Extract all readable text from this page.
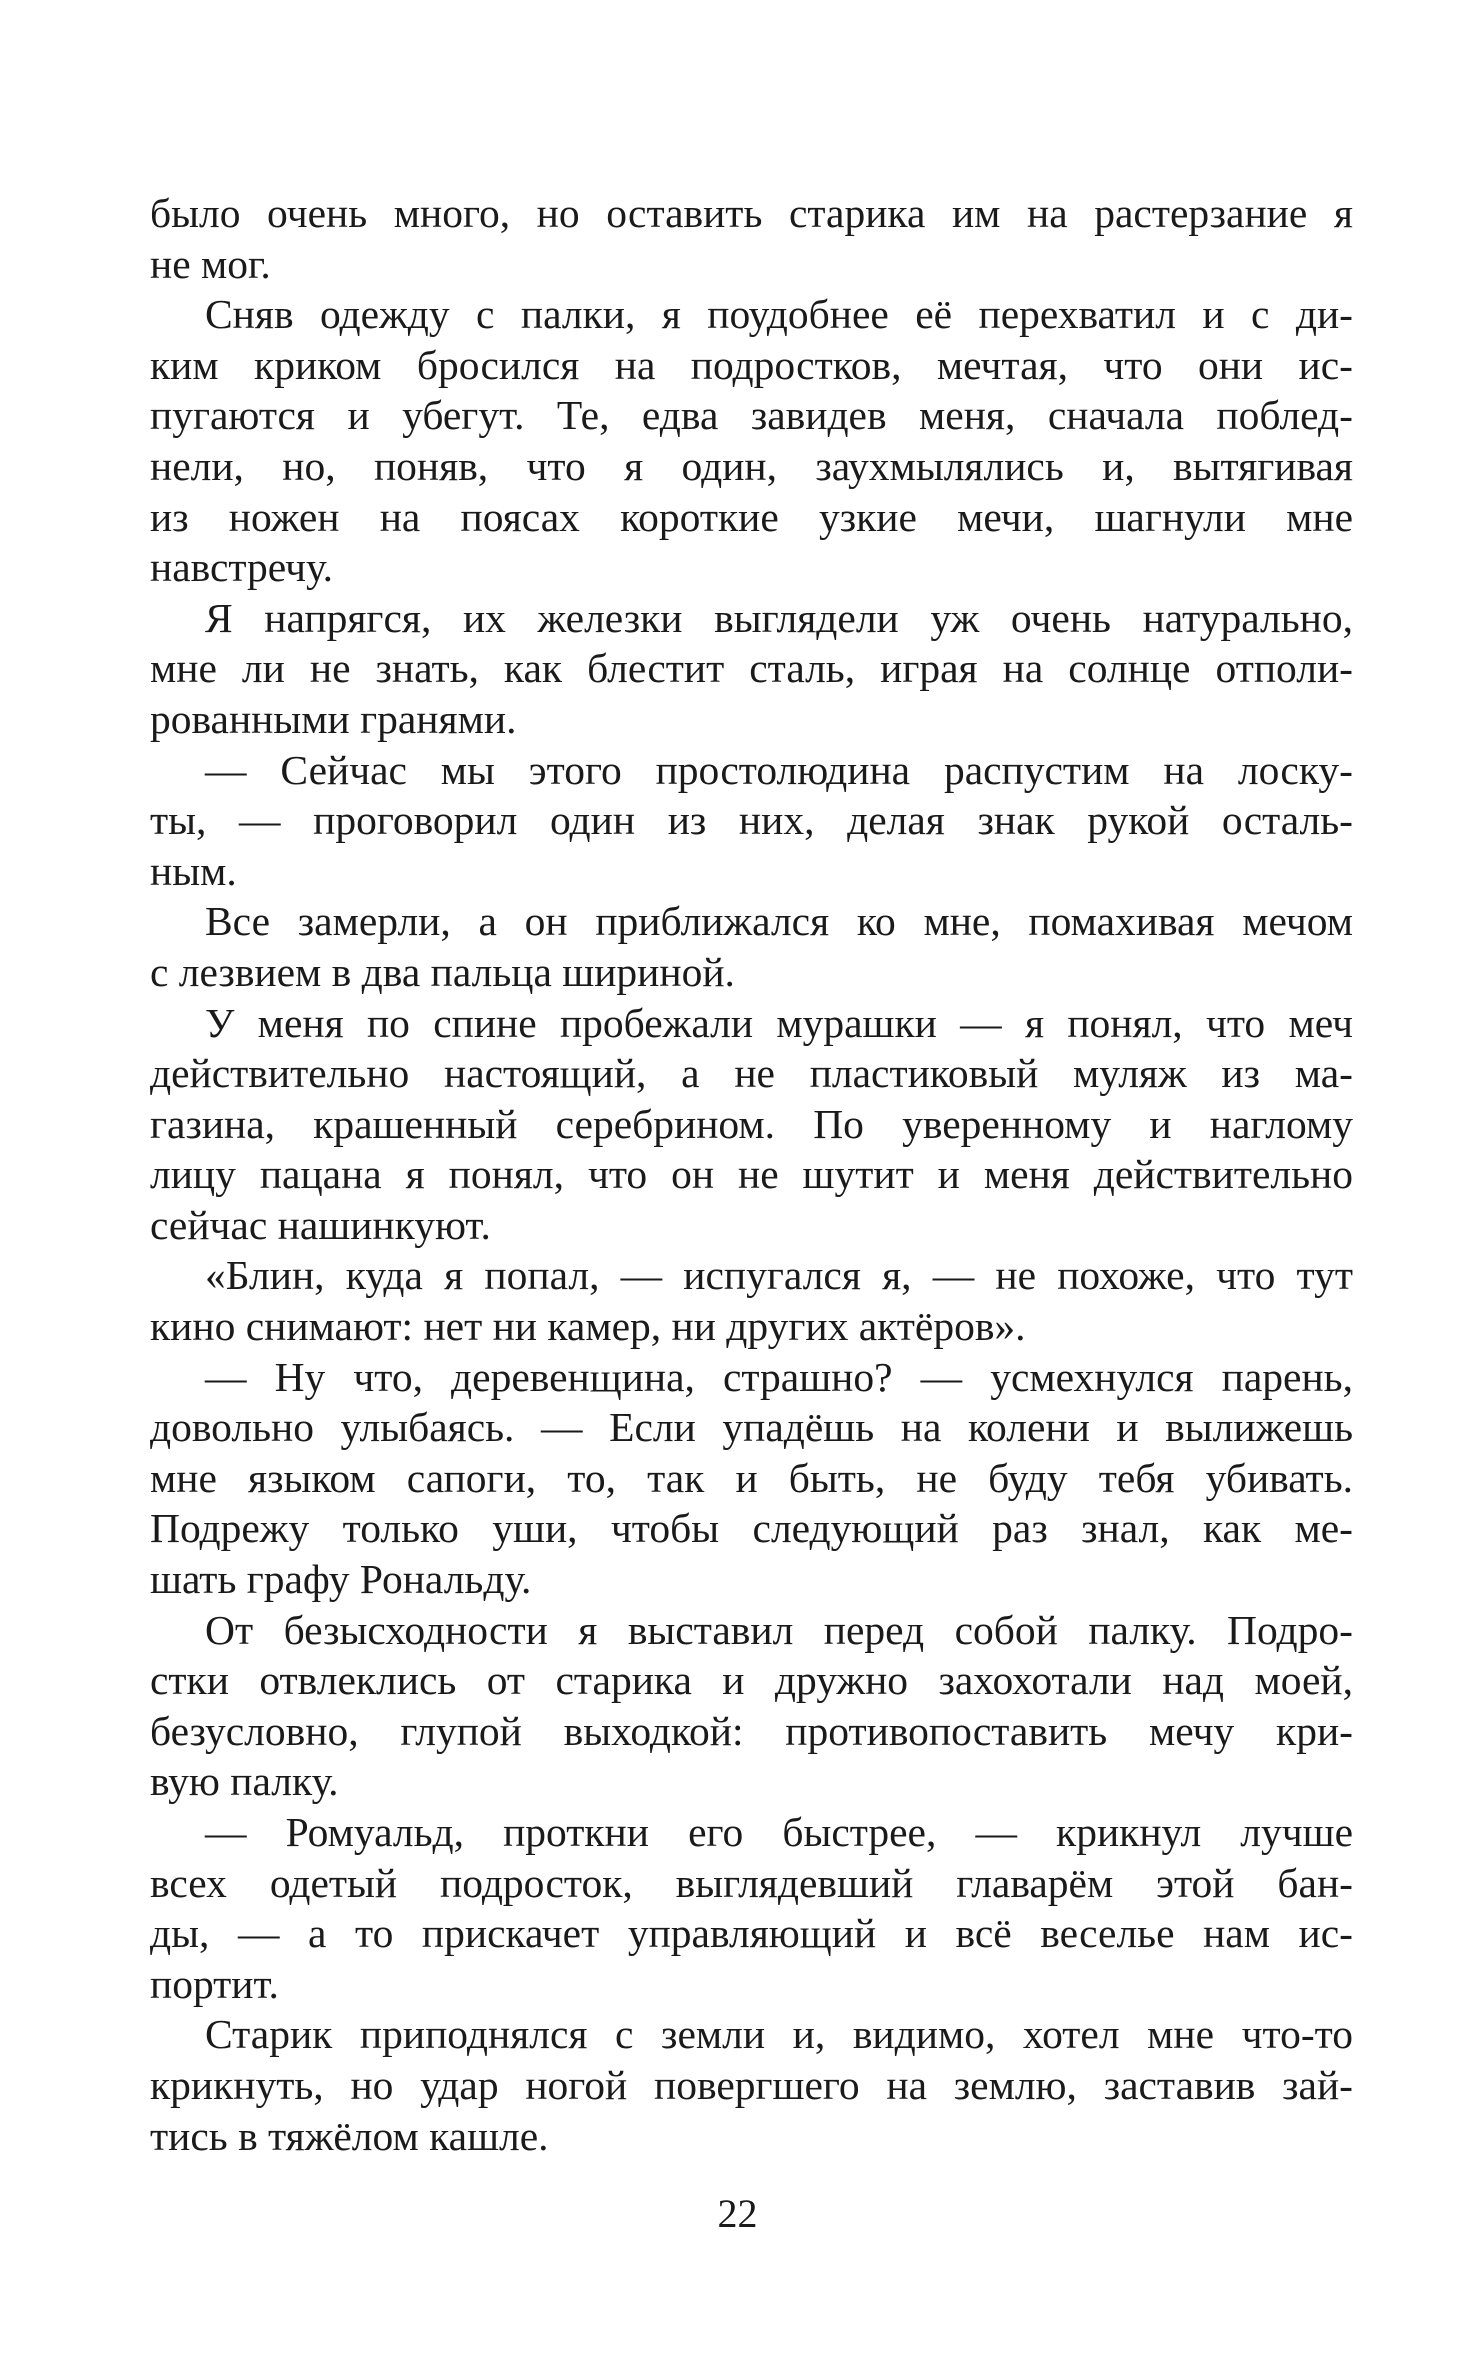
было очень много, но оставить старика им на растерзание я
не мог.
Сняв одежду с палки, я поудобнее её перехватил и с ди-
ким криком бросился на подростков, мечтая, что они ис-
пугаются и убегут. Те, едва завидев меня, сначала поблед-
нели, но, поняв, что я один, заухмылялись и, вытягивая
из ножен на поясах короткие узкие мечи, шагнули мне
навстречу.
Я напрягся, их железки выглядели уж очень натурально,
мне ли не знать, как блестит сталь, играя на солнце отполи-
рованными гранями.
— Сейчас мы этого простолюдина распустим на лоску-
ты, — проговорил один из них, делая знак рукой осталь-
ным.
Все замерли, а он приближался ко мне, помахивая мечом
с лезвием в два пальца шириной.
У меня по спине пробежали мурашки — я понял, что меч
действительно настоящий, а не пластиковый муляж из ма-
газина, крашенный серебрином. По уверенному и наглому
лицу пацана я понял, что он не шутит и меня действительно
сейчас нашинкуют.
«Блин, куда я попал, — испугался я, — не похоже, что тут
кино снимают: нет ни камер, ни других актёров».
— Ну что, деревенщина, страшно? — усмехнулся парень,
довольно улыбаясь. — Если упадёшь на колени и вылижешь
мне языком сапоги, то, так и быть, не буду тебя убивать.
Подрежу только уши, чтобы следующий раз знал, как ме-
шать графу Рональду.
От безысходности я выставил перед собой палку. Подро-
стки отвлеклись от старика и дружно захохотали над моей,
безусловно, глупой выходкой: противопоставить мечу кри-
вую палку.
— Ромуальд, проткни его быстрее, — крикнул лучше
всех одетый подросток, выглядевший главарём этой бан-
ды, — а то прискачет управляющий и всё веселье нам ис-
портит.
Старик приподнялся с земли и, видимо, хотел мне что-то
крикнуть, но удар ногой повергшего на землю, заставив зай-
тись в тяжёлом кашле.
22
